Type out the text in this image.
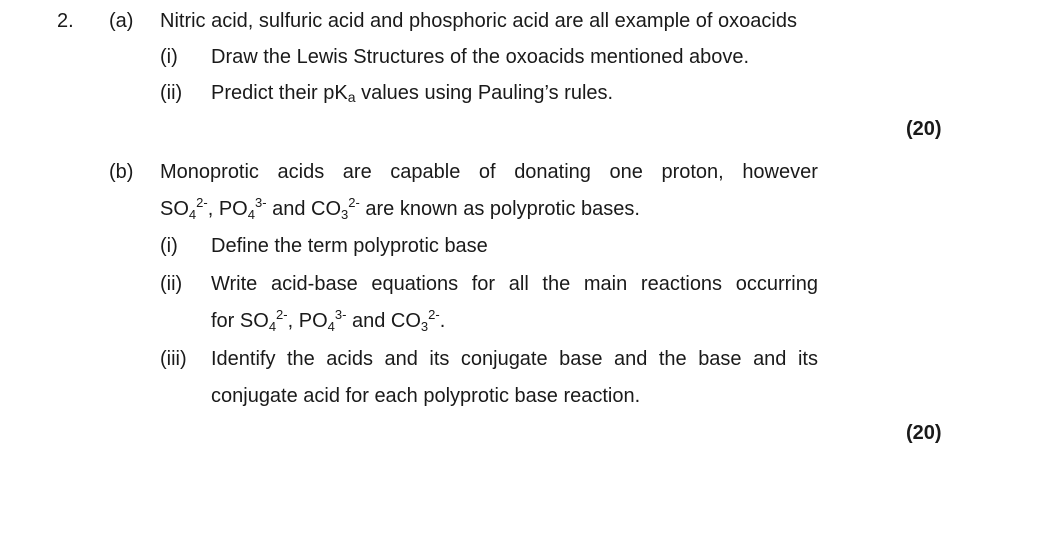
2. (a) Nitric acid, sulfuric acid and phosphoric acid are all example of oxoacids
(i) Draw the Lewis Structures of the oxoacids mentioned above.
(ii) Predict their pKa values using Pauling’s rules.
(20)
(b) Monoprotic acids are capable of donating one proton, however
$SO_4^{2-}$, $PO_4^{3-}$ and $CO_3^{2-}$ are known as polyprotic bases.
(i) Define the term polyprotic base
(ii) Write acid-base equations for all the main reactions occurring
for $SO_4^{2-}$, $PO_4^{3-}$ and $CO_3^{2-}$.
(iii) Identify the acids and its conjugate base and the base and its
conjugate acid for each polyprotic base reaction.
(20)
